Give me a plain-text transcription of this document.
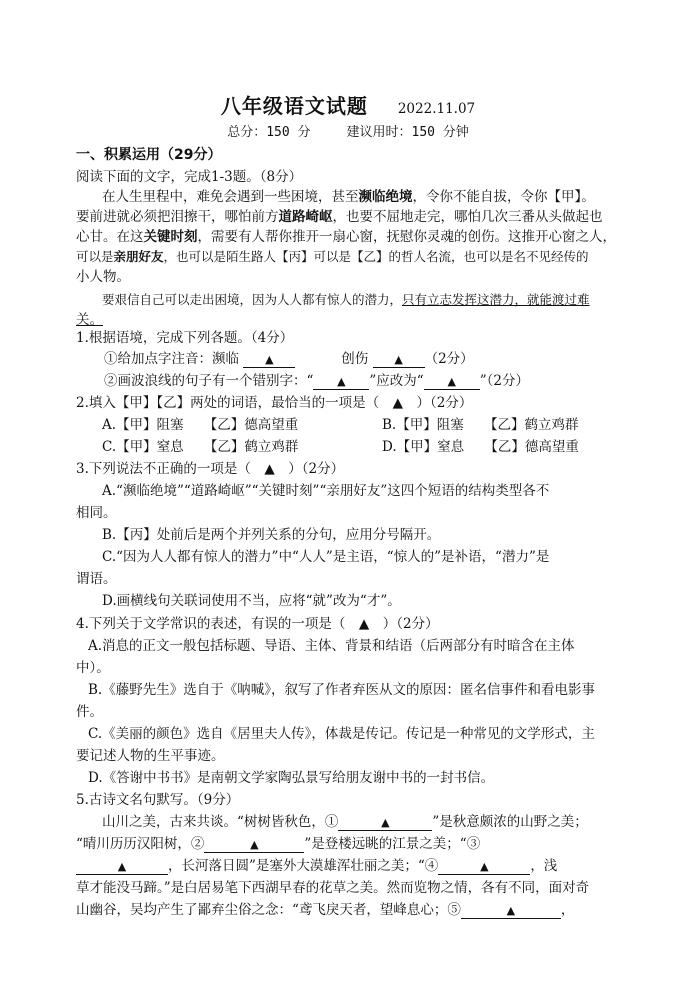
八年级语文试题 2022.11.07
总分：150 分	建议用时：150 分钟
一、积累运用（29分）
阅读下面的文字，完成1-3题。（8分）
在人生里程中，难免会遇到一些困境，甚至濒临绝境，令你不能自拔，令你【甲】。
要前进就必须把泪擦干，哪怕前方道路崎岖，也要不屈地走完，哪怕几次三番从头做起也
心甘。在这关键时刻，需要有人帮你推开一扇心窗，抚慰你灵魂的创伤。这推开心窗之人，
可以是亲朋好友，也可以是陌生路人【丙】可以是【乙】的哲人名流，也可以是名不见经传的
小人物。
要艰信自己可以走出困境，因为人人都有惊人的潜力，只有立志发挥这潜力，就能渡过难
关。
1.根据语境，完成下列各题。（4分）
①给加点字注音：濒临 ▲	创伤 ▲ （2分）
②画波浪线的句子有一个错别字：“ ▲ ”应改为“ ▲ ”（2分）
2.填入【甲】【乙】两处的词语，最恰当的一项是（　▲　）（2分）
A.【甲】阻塞　　【乙】德高望重	B.【甲】阻塞　　【乙】鹤立鸡群
C.【甲】窒息　　【乙】鹤立鸡群	D.【甲】窒息　　【乙】德高望重
3.下列说法不正确的一项是（　▲　）（2分）
A.“濒临绝境”“道路崎岖”“关键时刻”“亲朋好友”这四个短语的结构类型各不
相同。
B.【丙】处前后是两个并列关系的分句，应用分号隔开。
C.“因为人人都有惊人的潜力”中“人人”是主语，“惊人的”是补语，“潜力”是
谓语。
D.画横线句关联词使用不当，应将“就”改为“才”。
4.下列关于文学常识的表述，有误的一项是（　▲　）（2分）
A.消息的正文一般包括标题、导语、主体、背景和结语（后两部分有时暗含在主体
中）。
B.《藤野先生》选自于《呐喊》，叙写了作者弃医从文的原因：匿名信事件和看电影事
件。
C.《美丽的颜色》选自《居里夫人传》，体裁是传记。传记是一种常见的文学形式，主
要记述人物的生平事迹。
D.《答谢中书书》是南朝文学家陶弘景写给朋友谢中书的一封书信。
5.古诗文名句默写。（9分）
山川之美，古来共谈。“树树皆秋色，①	▲	”是秋意颇浓的山野之美；
“晴川历历汉阳树，②	▲	”是登楼远眺的江景之美；“③
▲	，长河落日圆”是塞外大漠雄浑壮丽之美；“④	▲	，浅
草才能没马蹄。”是白居易笔下西湖早春的花草之美。然而览物之情，各有不同，面对奇
山幽谷，吴均产生了鄙弃尘俗之念：“鸢飞戾天者，望峰息心；⑤	▲	，
